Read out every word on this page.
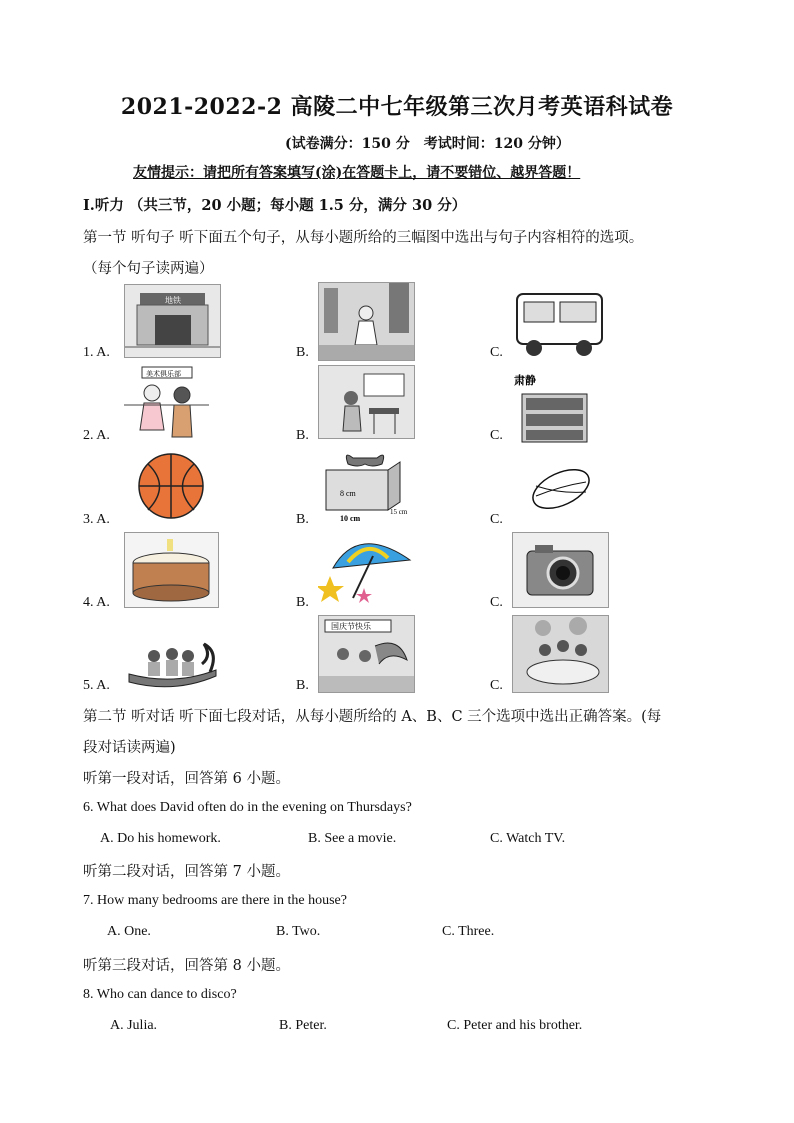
2021-2022-2 高陵二中七年级第三次月考英语科试卷
(试卷满分：150 分　考试时间：120 分钟）
友情提示：请把所有答案填写(涂)在答题卡上，请不要错位、越界答题！
I.听力 （共三节，20 小题；每小题 1.5 分，满分 30 分）
第一节 听句子 听下面五个句子，从每小题所给的三幅图中选出与句子内容相符的选项。
（每个句子读两遍）
1. A.
地铁
B.	C.
2. A.
美术俱乐部
B.	C.
肃静
3. A.	B.
8 cm
10 cm
15 cm	C.
4. A.	B.	C.
5. A.	B.
国庆节快乐
C.
第二节 听对话 听下面七段对话，从每小题所给的 A、B、C 三个选项中选出正确答案。(每
段对话读两遍)
听第一段对话，回答第 6 小题。
6. What does David often do in the evening on Thursdays?
A. Do his homework.	B. See a movie.	C. Watch TV.
听第二段对话，回答第 7 小题。
7. How many bedrooms are there in the house?
A. One.	B. Two.	C. Three.
听第三段对话，回答第 8 小题。
8. Who can dance to disco?
A. Julia.	B. Peter.	C. Peter and his brother.
